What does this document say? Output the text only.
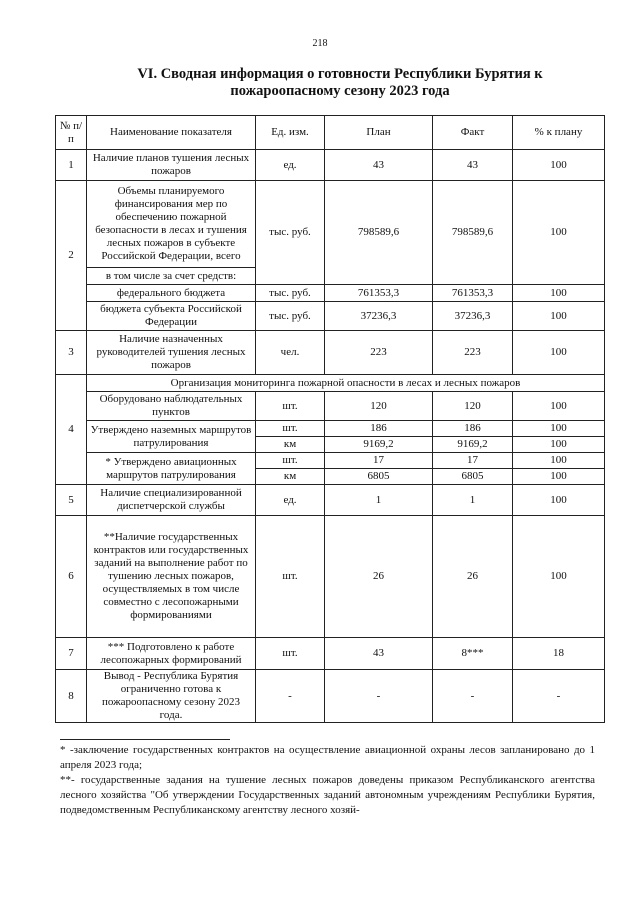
218
VI. Сводная информация о готовности Республики Бурятия к
пожароопасному сезону 2023 года
№ п/п	Наименование показателя	Ед. изм.	План	Факт	% к плану
1	Наличие планов тушения лесных пожаров	ед.	43	43	100
2	Объемы планируемого финансирования мер по обеспечению пожарной безопасности в лесах и тушения лесных пожаров в субъекте Российской Федерации, всего	тыс. руб.	798589,6	798589,6	100
	в том числе за счет средств:				
	федерального бюджета	тыс. руб.	761353,3	761353,3	100
	бюджета субъекта Российской Федерации	тыс. руб.	37236,3	37236,3	100
3	Наличие назначенных руководителей тушения лесных пожаров	чел.	223	223	100
4	Организация мониторинга пожарной опасности в лесах и лесных пожаров				
	Оборудовано наблюдательных пунктов	шт.	120	120	100
	Утверждено наземных маршрутов патрулирования	шт.	186	186	100
		км	9169,2	9169,2	100
	* Утверждено авиационных маршрутов патрулирования	шт.	17	17	100
		км	6805	6805	100
5	Наличие специализированной диспетчерской службы	ед.	1	1	100
6	**Наличие государственных контрактов или государственных заданий на выполнение работ по тушению лесных пожаров, осуществляемых в том числе совместно с лесопожарными формированиями	шт.	26	26	100
7	*** Подготовлено к работе лесопожарных формирований	шт.	43	8***	18
8	Вывод - Республика Бурятия ограниченно готова к пожароопасному сезону 2023 года.	-	-	-	-

* -заключение государственных контрактов на осуществление авиационной охраны лесов запланировано до 1 апреля 2023 года;

**- государственные задания на тушение лесных пожаров доведены приказом Республиканского агентства лесного хозяйства "Об утверждении Государственных заданий автономным учреждениям Республики Бурятия, подведомственным Республиканскому агентству лесного хозяй-
